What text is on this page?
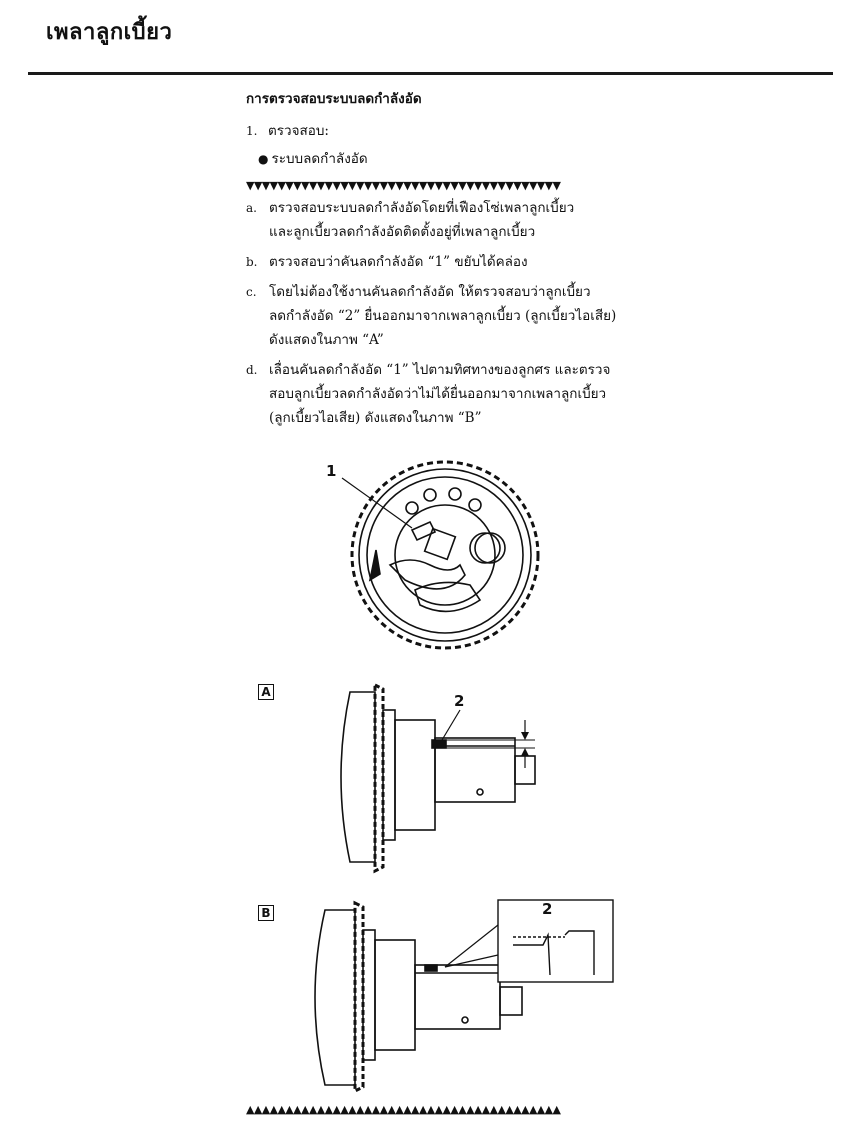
เพลาลูกเบี้ยว
การตรวจสอบระบบลดกำลังอัด
1. ตรวจสอบ:
● ระบบลดกำลังอัด
▼▼▼▼▼▼▼▼▼▼▼▼▼▼▼▼▼▼▼▼▼▼▼▼▼▼▼▼▼▼▼▼▼▼▼▼▼▼▼▼
a. ตรวจสอบระบบลดกำลังอัดโดยที่เฟืองโซ่เพลาลูกเบี้ยว
และลูกเบี้ยวลดกำลังอัดติดตั้งอยู่ที่เพลาลูกเบี้ยว
b. ตรวจสอบว่าคันลดกำลังอัด “1” ขยับได้คล่อง
c. โดยไม่ต้องใช้งานคันลดกำลังอัด ให้ตรวจสอบว่าลูกเบี้ยว
ลดกำลังอัด “2” ยื่นออกมาจากเพลาลูกเบี้ยว (ลูกเบี้ยวไอเสีย)
ดังแสดงในภาพ “A”
d. เลื่อนคันลดกำลังอัด “1” ไปตามทิศทางของลูกศร และตรวจ
สอบลูกเบี้ยวลดกำลังอัดว่าไม่ได้ยื่นออกมาจากเพลาลูกเบี้ยว
(ลูกเบี้ยวไอเสีย) ดังแสดงในภาพ “B”
1
A	2
B	2
▲▲▲▲▲▲▲▲▲▲▲▲▲▲▲▲▲▲▲▲▲▲▲▲▲▲▲▲▲▲▲▲▲▲▲▲▲▲▲▲
